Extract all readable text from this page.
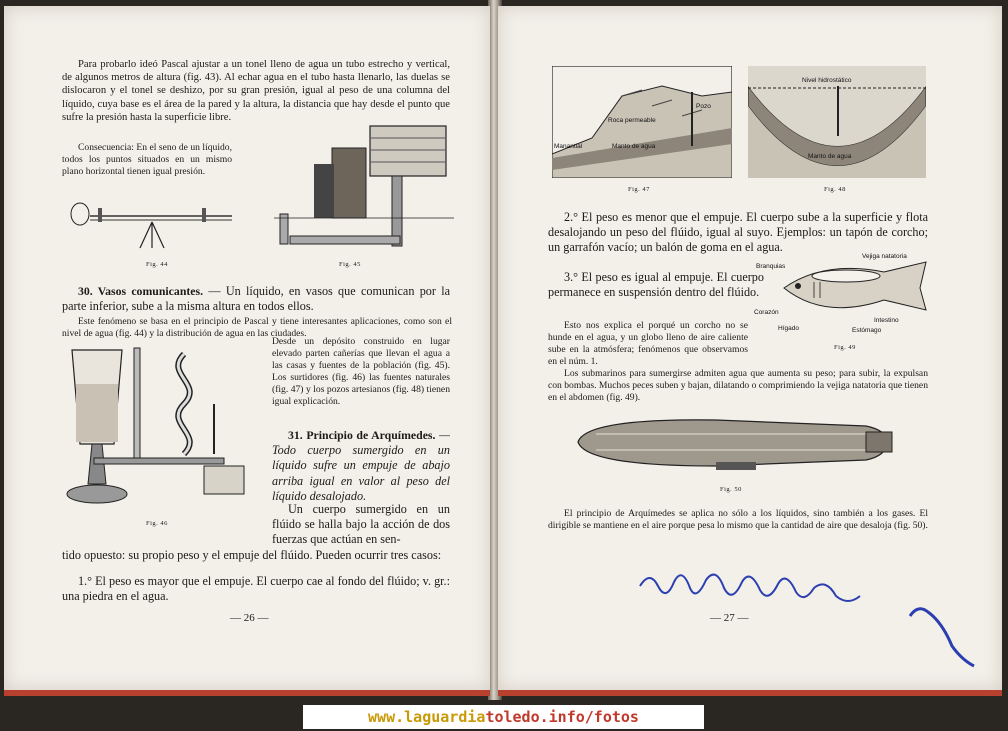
Para probarlo ideó Pascal ajustar a un tonel lleno de agua un tubo estrecho y vertical, de algunos metros de altura (fig. 43). Al echar agua en el tubo hasta llenarlo, las duelas se dislocaron y el tonel se deshizo, por su gran presión, igual al peso de una columna del líquido, cuya base es el área de la pared y la altura, la distancia que hay desde el punto que sufre la presión hasta la superficie libre.
Consecuencia: En el seno de un líquido, todos los puntos situados en un mismo plano horizontal tienen igual presión.
Fig. 44	Fig. 45
30. Vasos comunicantes. — Un líquido, en vasos que comunican por la parte inferior, sube a la misma altura en todos ellos.
Este fenómeno se basa en el principio de Pascal y tiene interesantes aplicaciones, como son el nivel de agua (fig. 44) y la distribución de agua en las ciudades.
Fig. 46
Desde un depósito construido en lugar elevado parten cañerías que llevan el agua a las casas y fuentes de la población (fig. 45). Los surtidores (fig. 46) las fuentes naturales (fig. 47) y los pozos artesianos (fig. 48) tienen igual explicación.
31. Principio de Arquímedes. — Todo cuerpo sumergido en un líquido sufre un empuje de abajo arriba igual en valor al peso del líquido desalojado.
Un cuerpo sumergido en un flúido se halla bajo la acción de dos fuerzas que actúan en sen-
tido opuesto: su propio peso y el empuje del flúido. Pueden ocurrir tres casos:
1.° El peso es mayor que el empuje. El cuerpo cae al fondo del flúido; v. gr.: una piedra en el agua.
— 26 —
Roca permeable
Pozo
Manantial	Manto de agua
Fig. 47
Nivel hidrostático
Manto de agua
Fig. 48
2.° El peso es menor que el empuje. El cuerpo sube a la superficie y flota desalojando un peso del flúido, igual al suyo. Ejemplos: un tapón de corcho; un garrafón vacío; un balón de goma en el agua.
3.° El peso es igual al empuje. El cuerpo permanece en suspensión dentro del flúido.
Vejiga natatoria
Branquias
Corazón
Hígado
Intestino
Estómago
Fig. 49
Esto nos explica el porqué un corcho no se hunde en el agua, y un globo lleno de aire caliente sube en la atmósfera; fenómenos que observamos en el núm. 1.
Los submarinos para sumergirse admiten agua que aumenta su peso; para subir, la expulsan con bombas. Muchos peces suben y bajan, dilatando o comprimiendo la vejiga natatoria que tienen en el abdomen (fig. 49).
Fig. 50
El principio de Arquímedes se aplica no sólo a los líquidos, sino también a los gases. El dirigible se mantiene en el aire porque pesa lo mismo que la cantidad de aire que desaloja (fig. 50).
— 27 —
www.laguardiatoledo.info/fotos
